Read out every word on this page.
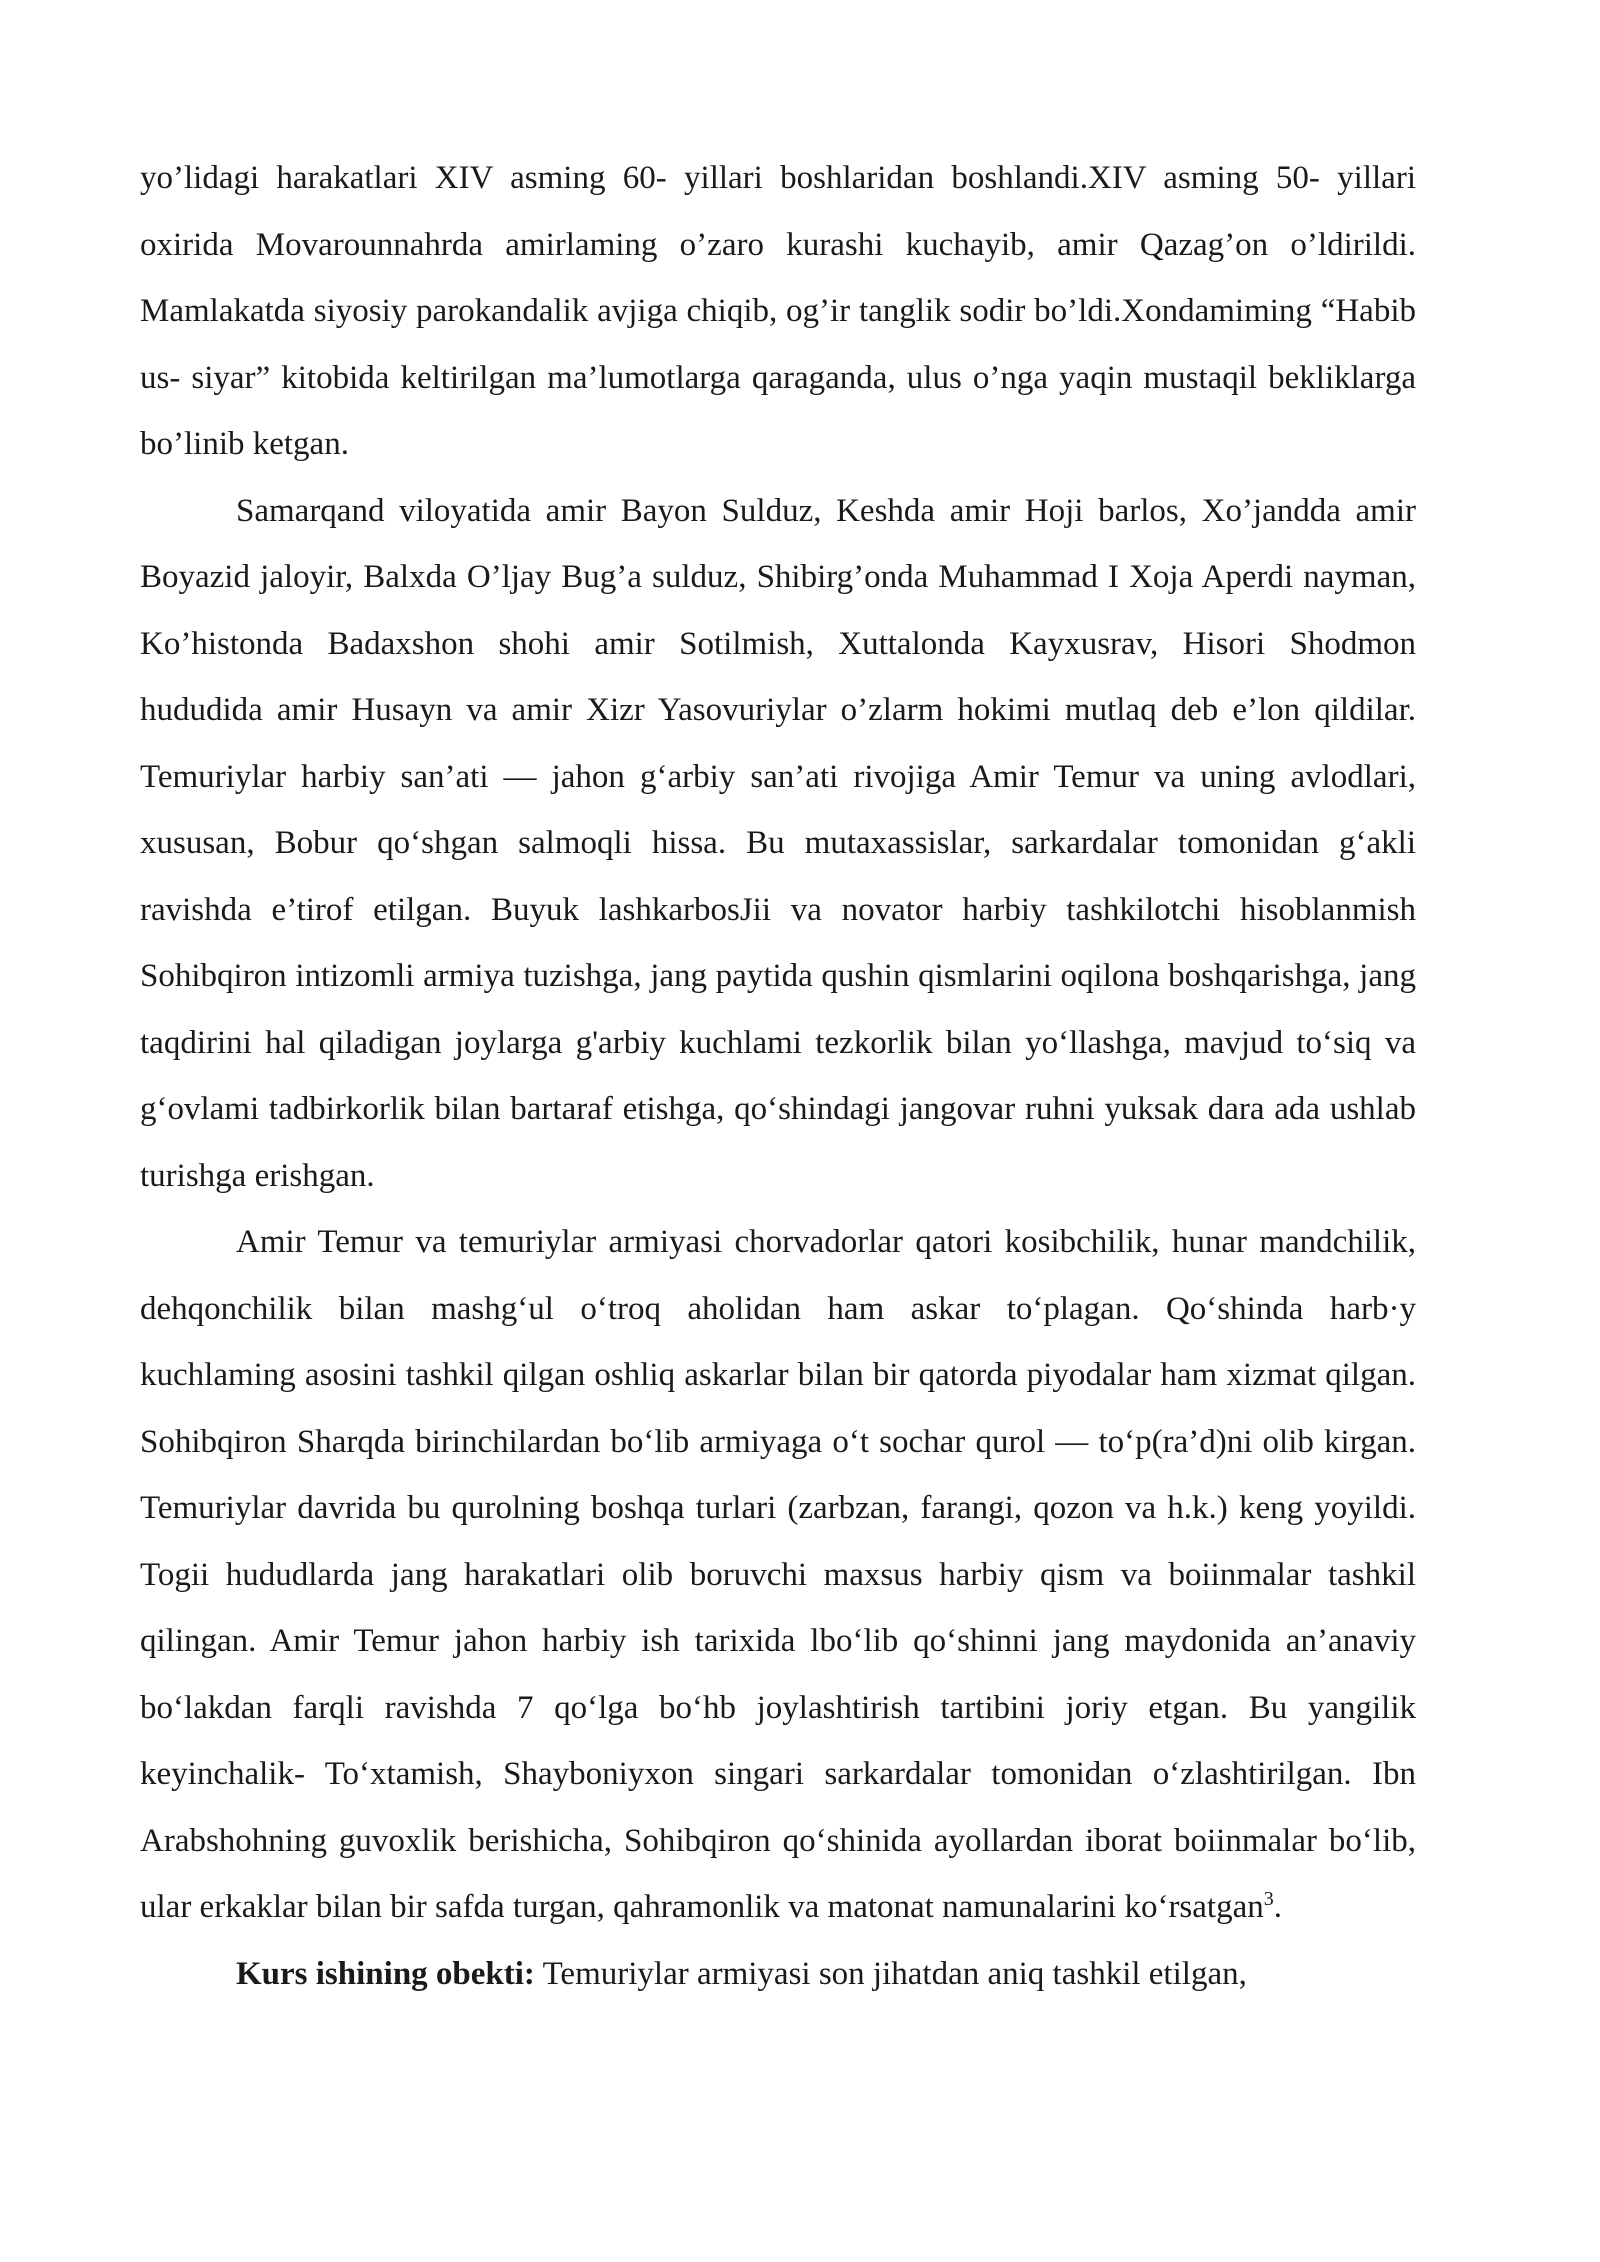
yo’lidagi harakatlari XIV asming 60- yillari boshlaridan boshlandi.XIV asming 50- yillari oxirida Movarounnahrda amirlaming o’zaro kurashi kuchayib, amir Qazag’on o’ldirildi. Mamlakatda siyosiy parokandalik avjiga chiqib, og’ir tanglik sodir bo’ldi.Xondamiming “Habib us- siyar” kitobida keltirilgan ma’lumotlarga qaraganda, ulus o’nga yaqin mustaqil bekliklarga bo’linib ketgan.

Samarqand viloyatida amir Bayon Sulduz, Keshda amir Hoji barlos, Xo’jandda amir Boyazid jaloyir, Balxda O’ljay Bug’a sulduz, Shibirg’onda Muhammad I Xoja Aperdi nayman, Ko’histonda Badaxshon shohi amir Sotilmish, Xuttalonda Kayxusrav, Hisori Shodmon hududida amir Husayn va amir Xizr Yasovuriylar o’zlarm hokimi mutlaq deb e’lon qildilar. Temuriylar harbiy san’ati — jahon g‘arbiy san’ati rivojiga Amir Temur va uning avlodlari, xususan, Bobur qo‘shgan salmoqli hissa. Bu mutaxassislar, sarkardalar tomonidan g‘akli ravishda e’tirof etilgan. Buyuk lashkarbosJii va novator harbiy tashkilotchi hisoblanmish Sohibqiron intizomli armiya tuzishga, jang paytida qushin qismlarini oqilona boshqarishga, jang taqdirini hal qiladigan joylarga g'arbiy kuchlami tezkorlik bilan yo‘llashga, mavjud to‘siq va g‘ovlami tadbirkorlik bilan bartaraf etishga, qo‘shindagi jangovar ruhni yuksak dara ada ushlab turishga erishgan.

Amir Temur va temuriylar armiyasi chorvadorlar qatori kosibchilik, hunar mandchilik, dehqonchilik bilan mashg‘ul o‘troq aholidan ham askar to‘plagan. Qo‘shinda harb·y kuchlaming asosini tashkil qilgan oshliq askarlar bilan bir qatorda piyodalar ham xizmat qilgan. Sohibqiron Sharqda birinchilardan bo‘lib armiyaga o‘t sochar qurol — to‘p(ra’d)ni olib kirgan. Temuriylar davrida bu qurolning boshqa turlari (zarbzan, farangi, qozon va h.k.) keng yoyildi. Togii hududlarda jang harakatlari olib boruvchi maxsus harbiy qism va boiinmalar tashkil qilingan. Amir Temur jahon harbiy ish tarixida lbo‘lib qo‘shinni jang maydonida an’anaviy bo‘lakdan farqli ravishda 7 qo‘lga bo‘hb joylashtirish tartibini joriy etgan. Bu yangilik keyinchalik- To‘xtamish, Shayboniyxon singari sarkardalar tomonidan o‘zlashtirilgan. Ibn Arabshohning guvoxlik berishicha, Sohibqiron qo‘shinida ayollardan iborat boiinmalar bo‘lib, ular erkaklar bilan bir safda turgan, qahramonlik va matonat namunalarini ko‘rsatgan$^3$.

Kurs ishining obekti: Temuriylar armiyasi son jihatdan aniq tashkil etilgan,
